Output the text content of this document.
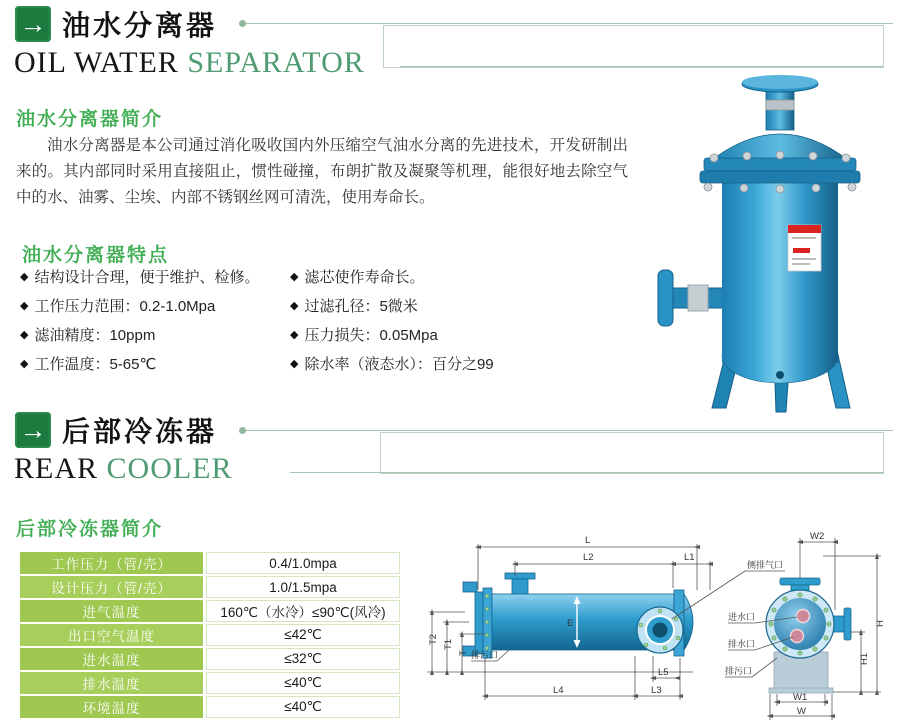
→ 油水分离器
OIL WATER SEPARATOR
油水分离器简介
油水分离器是本公司通过消化吸收国内外压缩空气油水分离的先进技术，开发研制出来的。其内部同时采用直接阻止，惯性碰撞，布朗扩散及凝聚等机理，能很好地去除空气中的水、油雾、尘埃、内部不锈钢丝网可清洗，使用寿命长。
油水分离器特点
◆ 结构设计合理，便于维护、检修。
◆ 工作压力范围：0.2-1.0Mpa
◆ 滤油精度：10ppm
◆ 工作温度：5-65℃
◆ 滤芯使作寿命长。
◆ 过滤孔径：5微米
◆ 压力损失：0.05Mpa
◆ 除水率（液态水）：百分之99
→ 后部冷冻器
REAR COOLER
后部冷冻器简介
工作压力（管/壳）	0.4/1.0mpa
设计压力（管/壳）	1.0/1.5mpa
进气温度	160℃（水冷）≤90℃(风冷)
出口空气温度	≤42℃
进水温度	≤32℃
排水温度	≤40℃
环境温度	≤40℃
E
L
L2	L1
T2 T1
T
L4	L3
L5
侧排气口
排污口
W2
H
H1
W1
W
进水口
排水口
排污口
